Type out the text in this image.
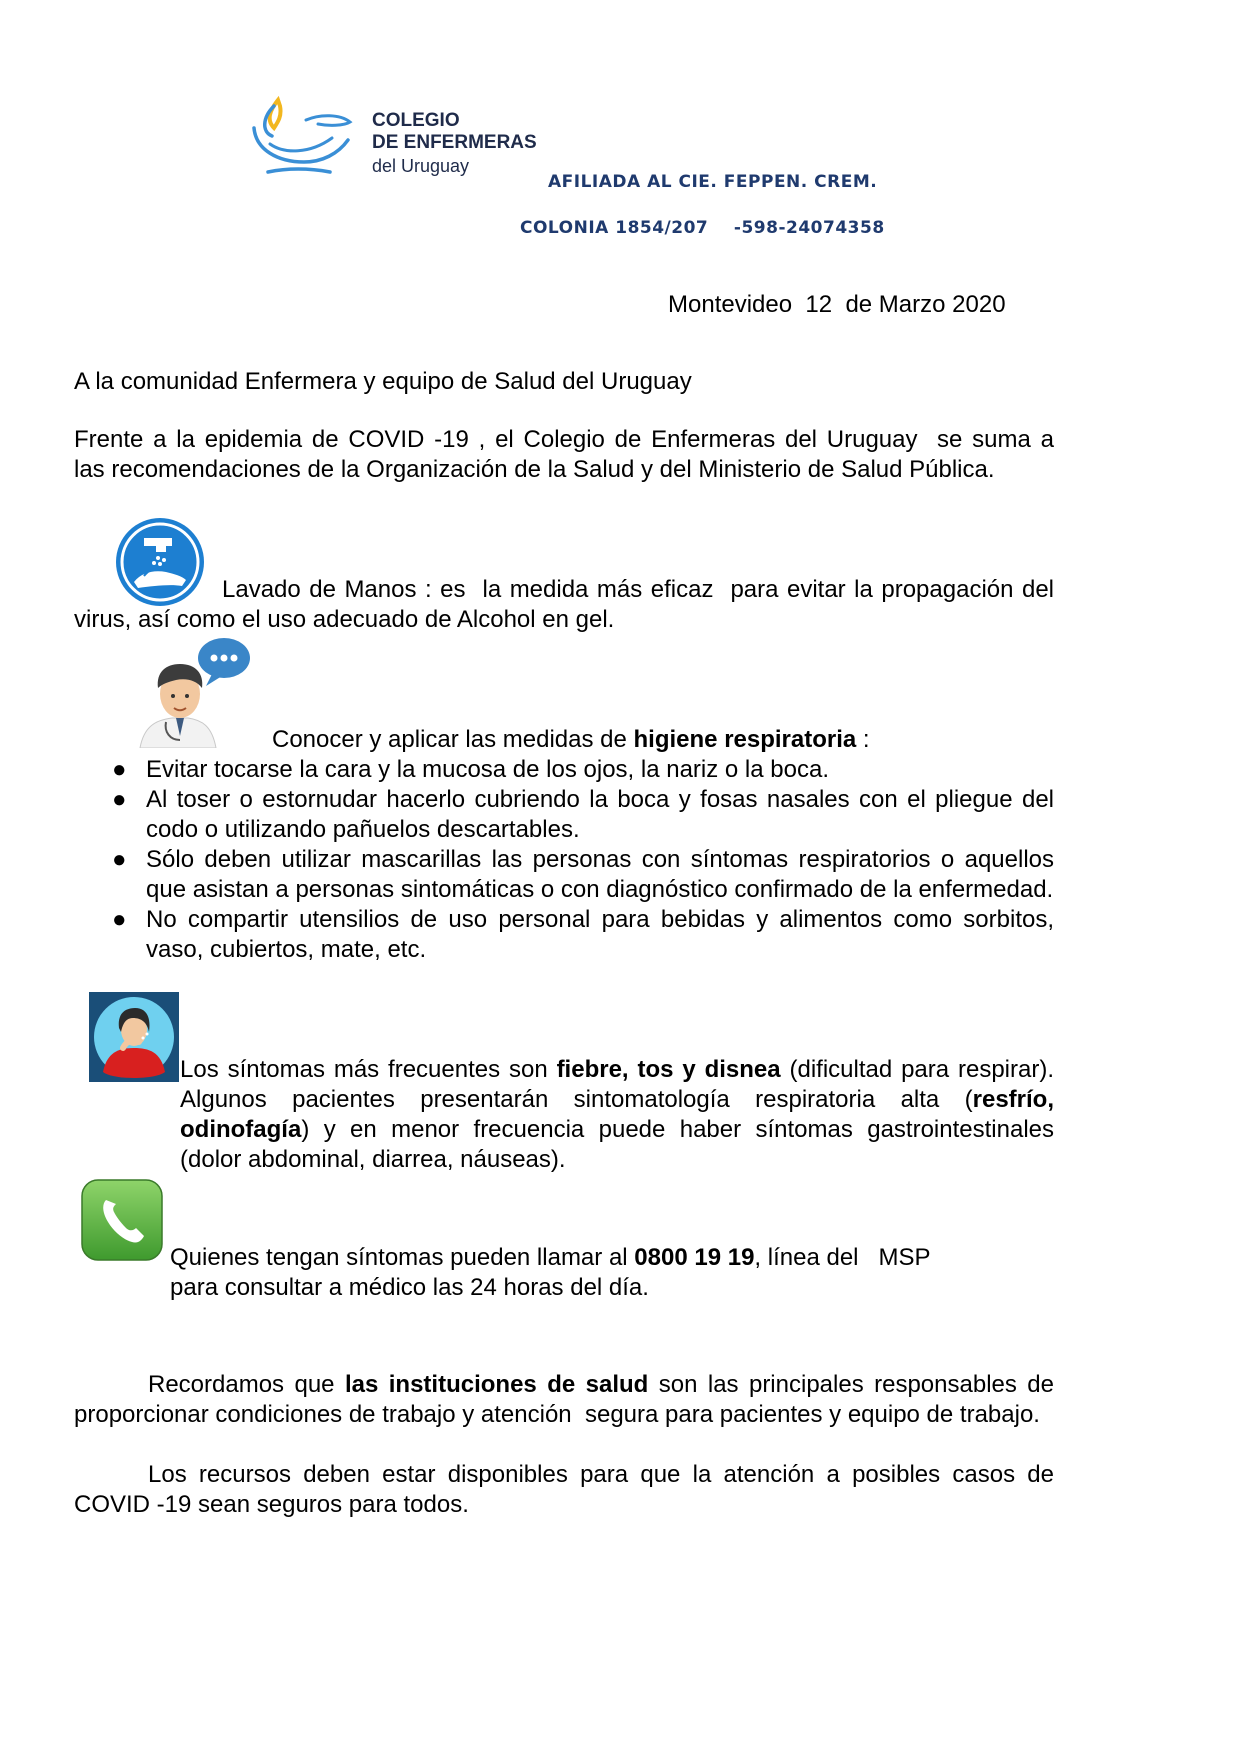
COLEGIO
DE ENFERMERAS
del Uruguay
AFILIADA AL CIE. FEPPEN. CREM.
COLONIA 1854/207    -598-24074358
Montevideo  12  de Marzo 2020
A la comunidad Enfermera y equipo de Salud del Uruguay
Frente a la epidemia de COVID -19 , el Colegio de Enfermeras del Uruguay  se suma a
las recomendaciones de la Organización de la Salud y del Ministerio de Salud Pública.
Lavado de Manos : es  la medida más eficaz  para evitar la propagación del
virus, así como el uso adecuado de Alcohol en gel.
Conocer y aplicar las medidas de higiene respiratoria :
● Evitar tocarse la cara y la mucosa de los ojos, la nariz o la boca.
● Al toser o estornudar hacerlo cubriendo la boca y fosas nasales con el pliegue del codo o utilizando pañuelos descartables.
● Sólo deben utilizar mascarillas las personas con síntomas respiratorios o aquellos que asistan a personas sintomáticas o con diagnóstico confirmado de la enfermedad.
● No compartir utensilios de uso personal para bebidas y alimentos como sorbitos, vaso, cubiertos, mate, etc.
Los síntomas más frecuentes son fiebre, tos y disnea (dificultad para respirar). Algunos pacientes presentarán sintomatología respiratoria alta (resfrío, odinofagía) y en menor frecuencia puede haber síntomas gastrointestinales (dolor abdominal, diarrea, náuseas).
Quienes tengan síntomas pueden llamar al 0800 19 19, línea del   MSP
para consultar a médico las 24 horas del día.
Recordamos que las instituciones de salud son las principales responsables de proporcionar condiciones de trabajo y atención  segura para pacientes y equipo de trabajo.
Los recursos deben estar disponibles para que la atención a posibles casos de COVID -19 sean seguros para todos.
